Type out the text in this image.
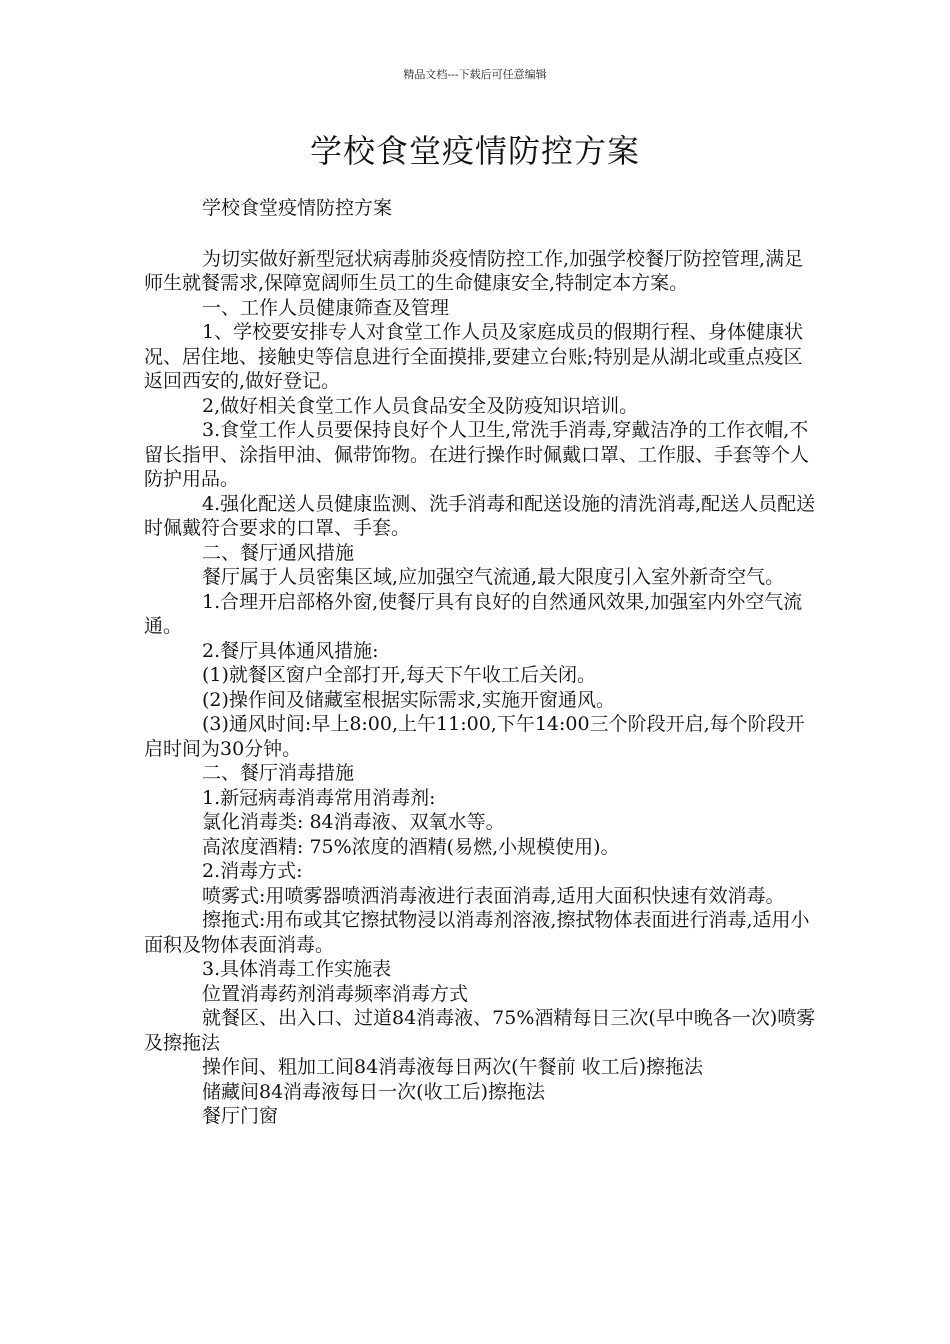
精品文档---下载后可任意编辑
学校食堂疫情防控方案

学校食堂疫情防控方案

为切实做好新型冠状病毒肺炎疫情防控工作,加强学校餐厅防控管理,满足师生就餐需求,保障宽阔师生员工的生命健康安全,特制定本方案。

一、工作人员健康筛查及管理

1、学校要安排专人对食堂工作人员及家庭成员的假期行程、身体健康状况、居住地、接触史等信息进行全面摸排,要建立台账;特别是从湖北或重点疫区返回西安的,做好登记。

2,做好相关食堂工作人员食品安全及防疫知识培训。

3.食堂工作人员要保持良好个人卫生,常洗手消毒,穿戴洁净的工作衣帽,不留长指甲、涂指甲油、佩带饰物。在进行操作时佩戴口罩、工作服、手套等个人防护用品。

4.强化配送人员健康监测、洗手消毒和配送设施的清洗消毒,配送人员配送时佩戴符合要求的口罩、手套。

二、餐厅通风措施

餐厅属于人员密集区域,应加强空气流通,最大限度引入室外新奇空气。

1.合理开启部格外窗,使餐厅具有良好的自然通风效果,加强室内外空气流通。

2.餐厅具体通风措施:

(1)就餐区窗户全部打开,每天下午收工后关闭。

(2)操作间及储藏室根据实际需求,实施开窗通风。

(3)通风时间:早上8:00,上午11:00,下午14:00三个阶段开启,每个阶段开启时间为30分钟。

二、餐厅消毒措施

1.新冠病毒消毒常用消毒剂:

氯化消毒类: 84消毒液、双氧水等。

高浓度酒精: 75%浓度的酒精(易燃,小规模使用)。

2.消毒方式:

喷雾式:用喷雾器喷洒消毒液进行表面消毒,适用大面积快速有效消毒。

擦拖式:用布或其它擦拭物浸以消毒剂溶液,擦拭物体表面进行消毒,适用小面积及物体表面消毒。

3.具体消毒工作实施表

位置消毒药剂消毒频率消毒方式

就餐区、出入口、过道84消毒液、75%酒精每日三次(早中晚各一次)喷雾及擦拖法

操作间、粗加工间84消毒液每日两次(午餐前 收工后)擦拖法

储藏间84消毒液每日一次(收工后)擦拖法

餐厅门窗
